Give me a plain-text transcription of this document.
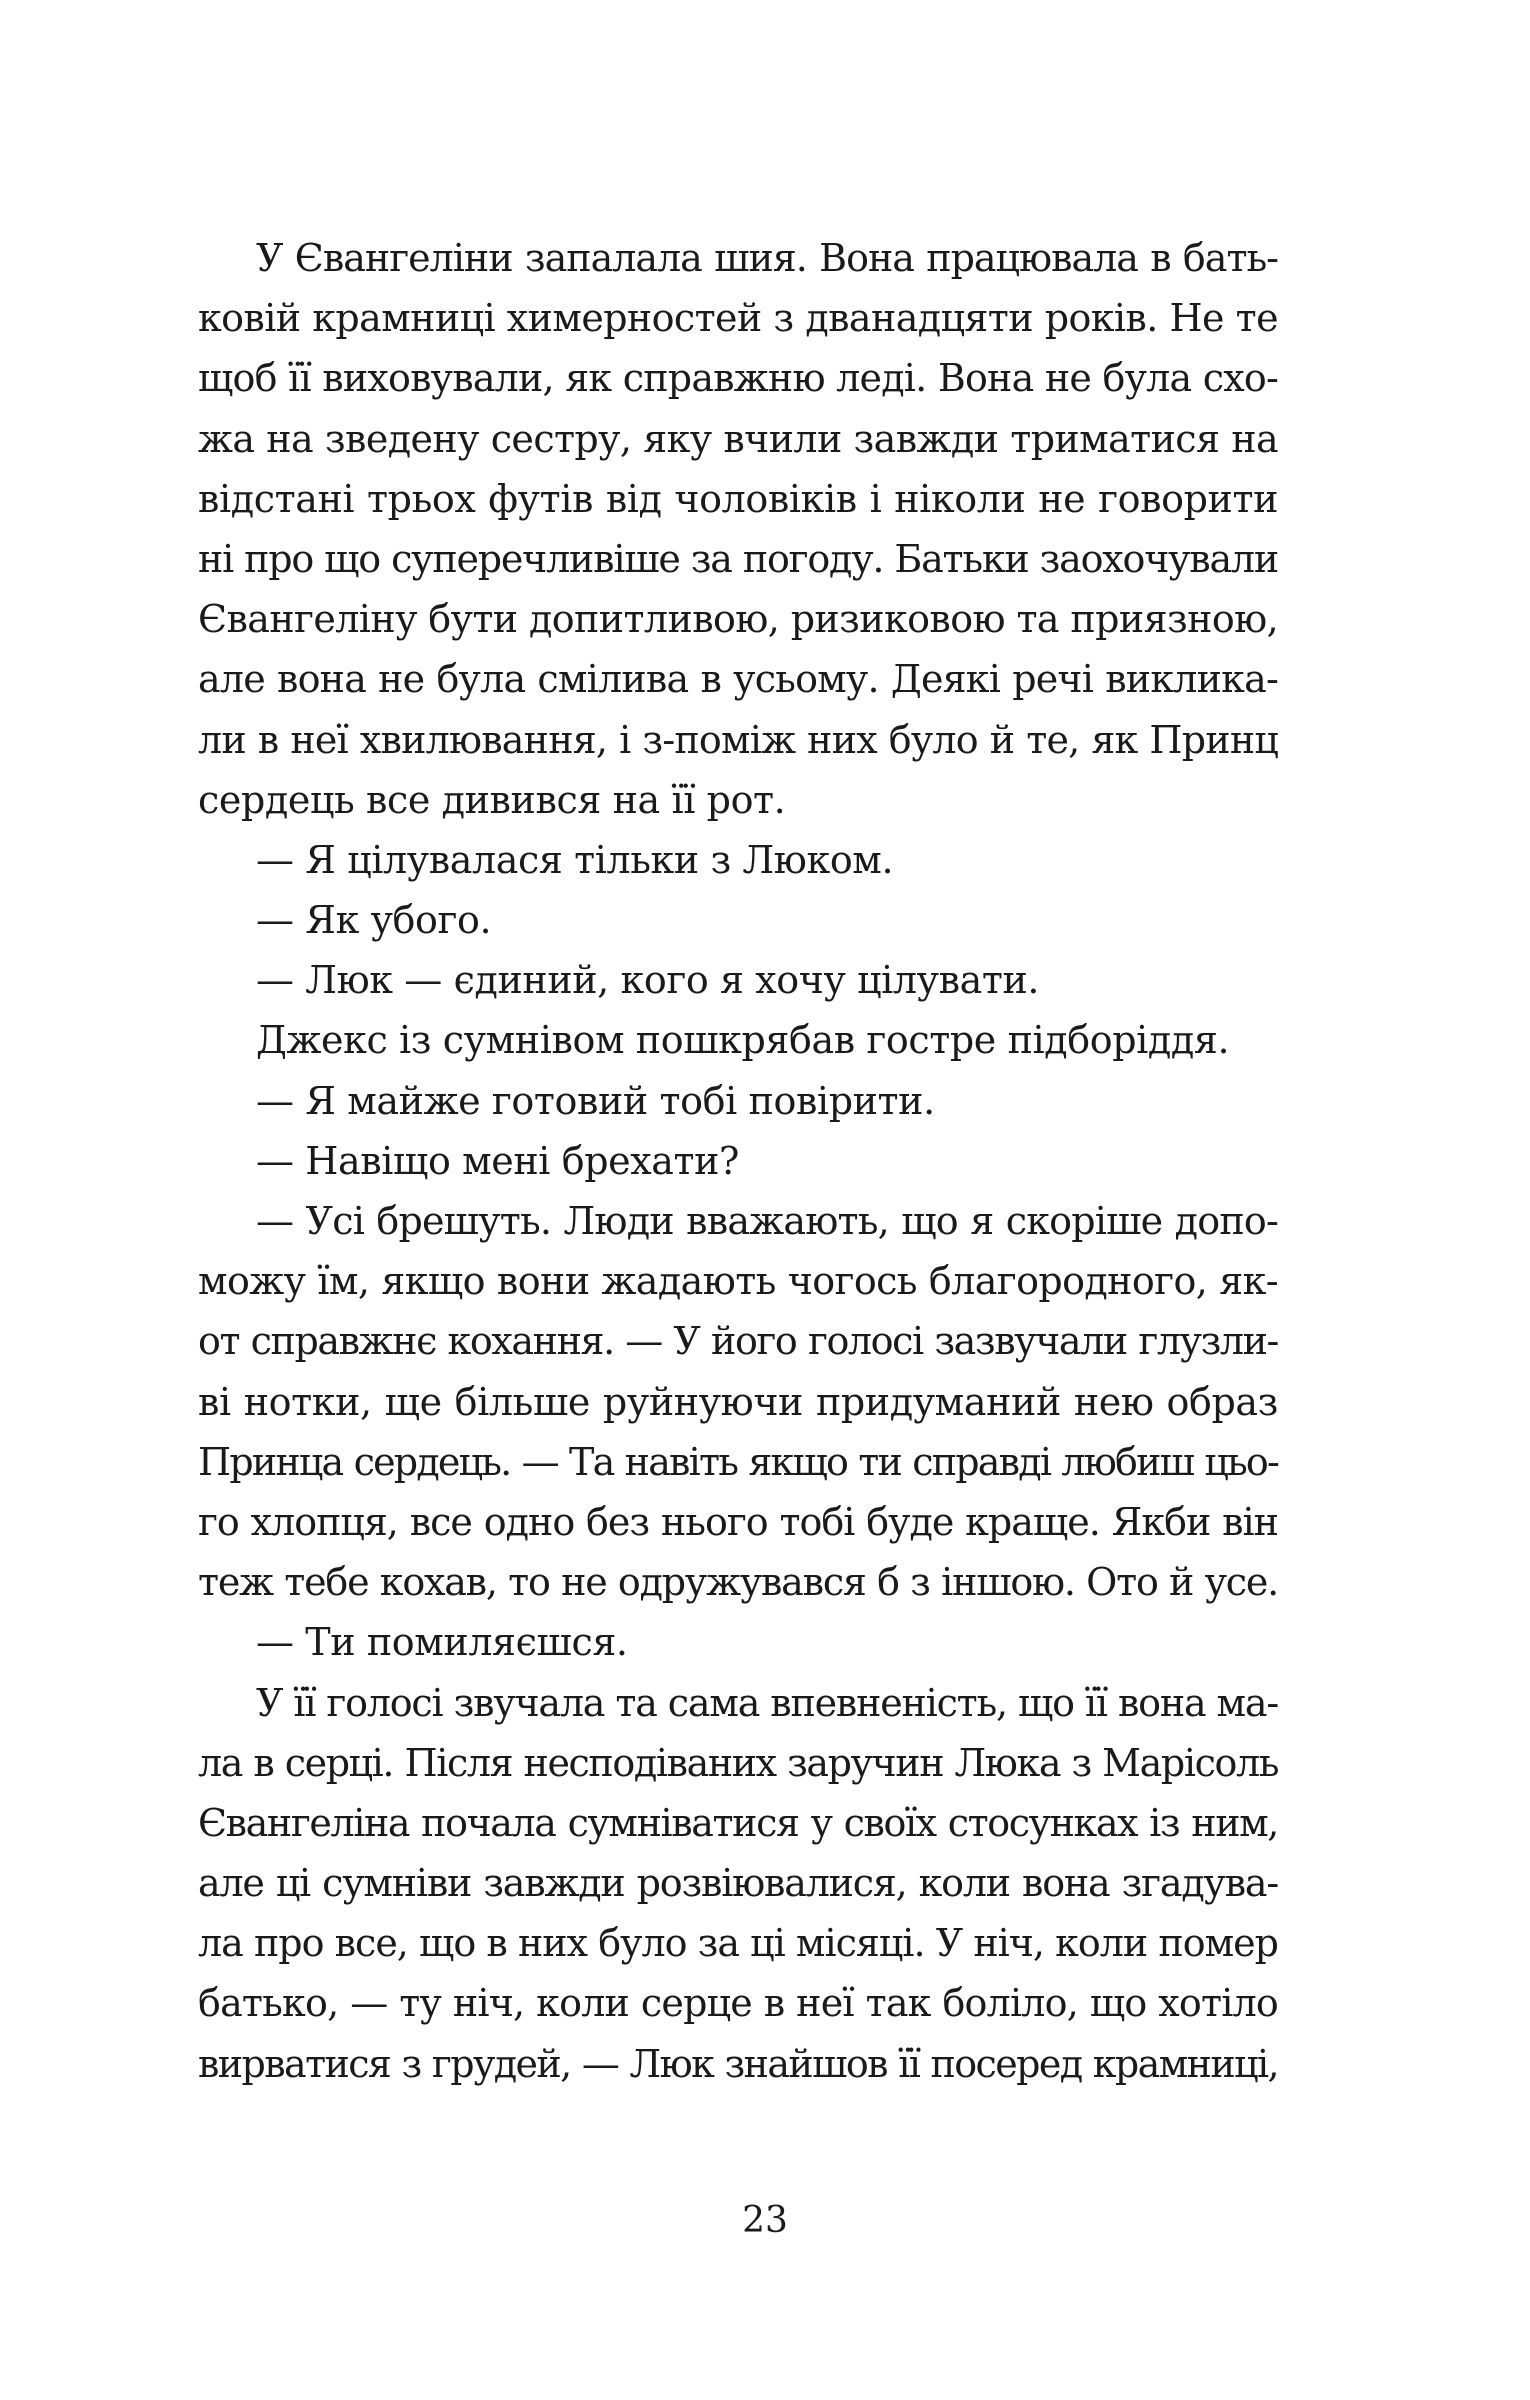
У Євангеліни запалала шия. Вона працювала в бать-
ковій крамниці химерностей з дванадцяти років. Не те
щоб її виховували, як справжню леді. Вона не була схо-
жа на зведену сестру, яку вчили завжди триматися на
відстані трьох футів від чоловіків і ніколи не говорити
ні про що суперечливіше за погоду. Батьки заохочували
Євангеліну бути допитливою, ризиковою та приязною,
але вона не була смілива в усьому. Деякі речі виклика-
ли в неї хвилювання, і з-поміж них було й те, як Принц
сердець все дивився на її рот.
— Я цілувалася тільки з Люком.
— Як убого.
— Люк — єдиний, кого я хочу цілувати.
Джекс із сумнівом пошкрябав гостре підборіддя.
— Я майже готовий тобі повірити.
— Навіщо мені брехати?
— Усі брешуть. Люди вважають, що я скоріше допо-
можу їм, якщо вони жадають чогось благородного, як-
от справжнє кохання. — У його голосі зазвучали глузли-
ві нотки, ще більше руйнуючи придуманий нею образ
Принца сердець. — Та навіть якщо ти справді любиш цьо-
го хлопця, все одно без нього тобі буде краще. Якби він
теж тебе кохав, то не одружувався б з іншою. Ото й усе.
— Ти помиляєшся.
У її голосі звучала та сама впевненість, що її вона ма-
ла в серці. Після несподіваних заручин Люка з Марісоль
Євангеліна почала сумніватися у своїх стосунках із ним,
але ці сумніви завжди розвіювалися, коли вона згадува-
ла про все, що в них було за ці місяці. У ніч, коли помер
батько, — ту ніч, коли серце в неї так боліло, що хотіло
вирватися з грудей, — Люк знайшов її посеред крамниці,
23
